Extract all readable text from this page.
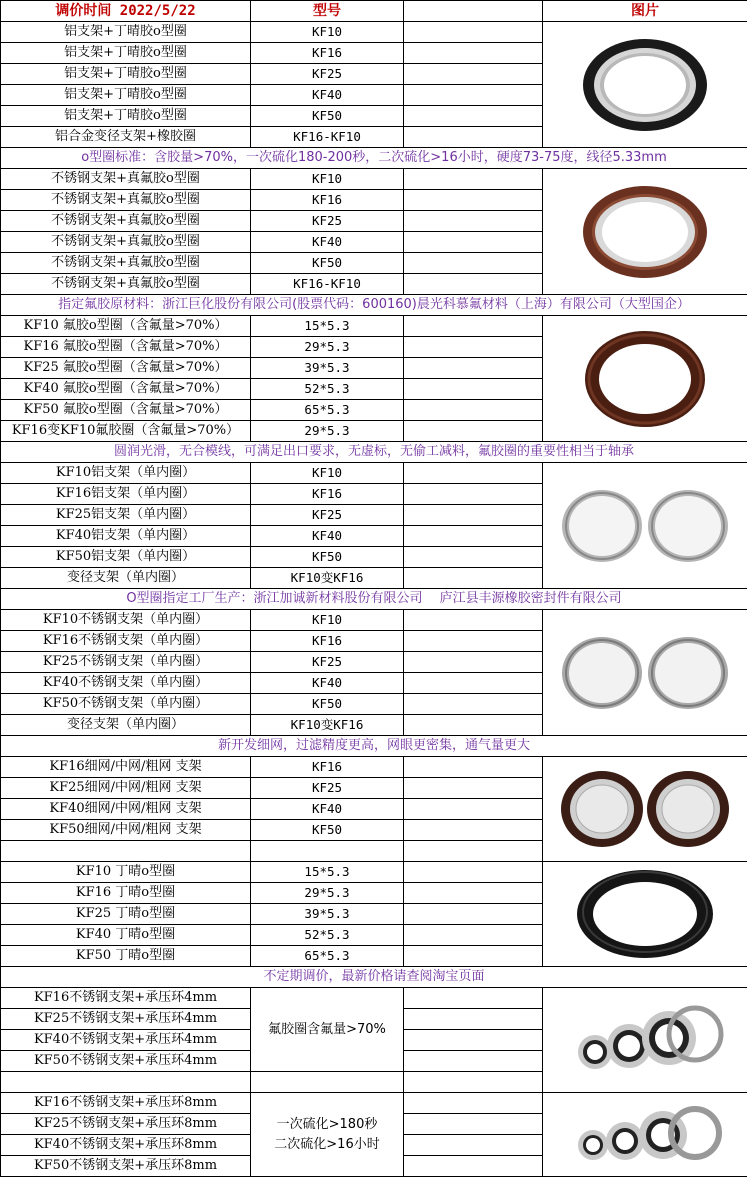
调价时间 2022/5/22	型号		图片
铝支架+丁晴胶o型圈	KF10		

铝支架+丁晴胶o型圈	KF16		
铝支架+丁晴胶o型圈	KF25		
铝支架+丁晴胶o型圈	KF40		
铝支架+丁晴胶o型圈	KF50		
铝合金变径支架+橡胶圈	KF16-KF10		
o型圈标准：含胶量>70%，一次硫化180-200秒，二次硫化>16小时，硬度73-75度，线径5.33mm			
不锈钢支架+真氟胶o型圈	KF10		

不锈钢支架+真氟胶o型圈	KF16		
不锈钢支架+真氟胶o型圈	KF25		
不锈钢支架+真氟胶o型圈	KF40		
不锈钢支架+真氟胶o型圈	KF50		
不锈钢支架+真氟胶o型圈	KF16-KF10		
指定氟胶原材料：浙江巨化股份有限公司(股票代码：600160)晨光科慕氟材料（上海）有限公司（大型国企）			
KF10 氟胶o型圈（含氟量>70%）	15*5.3		

KF16 氟胶o型圈（含氟量>70%）	29*5.3		
KF25 氟胶o型圈（含氟量>70%）	39*5.3		
KF40 氟胶o型圈（含氟量>70%）	52*5.3		
KF50 氟胶o型圈（含氟量>70%）	65*5.3		
KF16变KF10氟胶圈（含氟量>70%）	29*5.3		
圆润光滑，无合模线，可满足出口要求，无虚标，无偷工减料，氟胶圈的重要性相当于轴承			
KF10铝支架（单内圈）	KF10		

KF16铝支架（单内圈）	KF16		
KF25铝支架（单内圈）	KF25		
KF40铝支架（单内圈）	KF40		
KF50铝支架（单内圈）	KF50		
变径支架（单内圈）	KF10变KF16		
O型圈指定工厂生产：浙江加诚新材料股份有限公司　 庐江县丰源橡胶密封件有限公司			
KF10不锈钢支架（单内圈）	KF10		

KF16不锈钢支架（单内圈）	KF16		
KF25不锈钢支架（单内圈）	KF25		
KF40不锈钢支架（单内圈）	KF40		
KF50不锈钢支架（单内圈）	KF50		
变径支架（单内圈）	KF10变KF16		
新开发细网，过滤精度更高，网眼更密集，通气量更大			
KF16细网/中网/粗网 支架	KF16		

KF25细网/中网/粗网 支架	KF25		
KF40细网/中网/粗网 支架	KF40		
KF50细网/中网/粗网 支架	KF50		

KF10 丁晴o型圈	15*5.3		

KF16 丁晴o型圈	29*5.3		
KF25 丁晴o型圈	39*5.3		
KF40 丁晴o型圈	52*5.3		
KF50 丁晴o型圈	65*5.3		
不定期调价，最新价格请查阅淘宝页面			
KF16不锈钢支架+承压环4mm	氟胶圈含氟量>70%		

KF25不锈钢支架+承压环4mm			
KF40不锈钢支架+承压环4mm			
KF50不锈钢支架+承压环4mm			

KF16不锈钢支架+承压环8mm	一次硫化>180秒
二次硫化>16小时		

KF25不锈钢支架+承压环8mm			
KF40不锈钢支架+承压环8mm			
KF50不锈钢支架+承压环8mm			
